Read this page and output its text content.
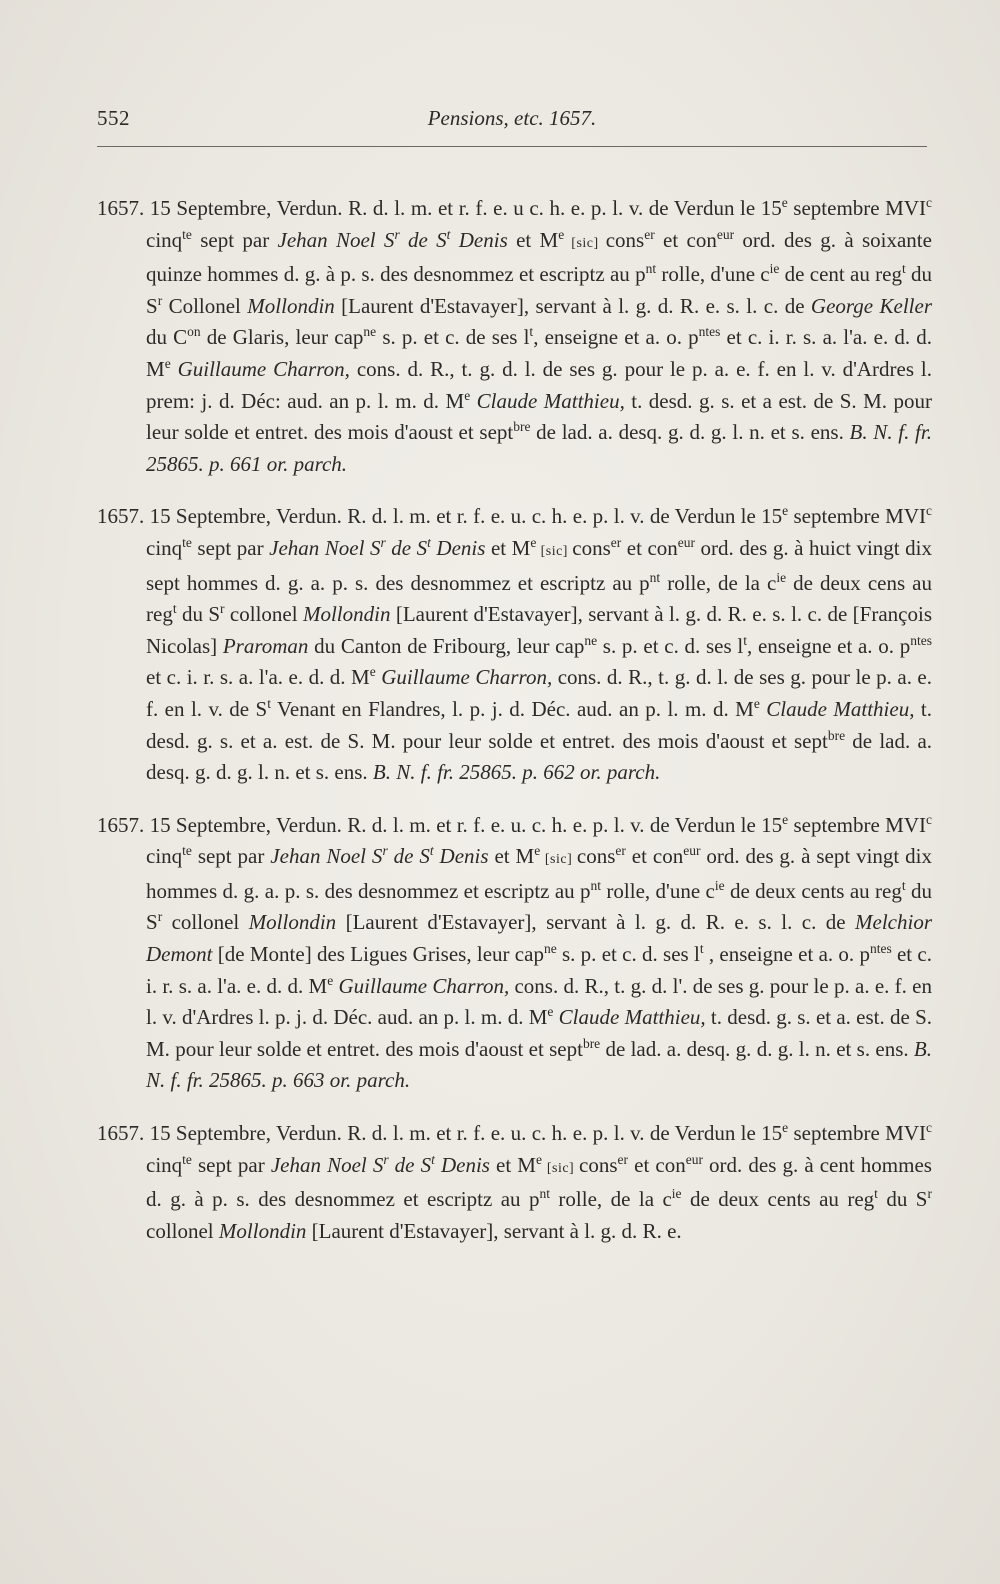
552	Pensions, etc. 1657.

1657. 15 Septembre, Verdun. R. d. l. m. et r. f. e. u c. h. e. p. l. v. de Verdun le 15e septembre MVI$^c$ cinq$^{te}$ sept par Jehan Noel $S^r$ de $S^t$ Denis et Me [sic] cons$^{er}$ et con$^{eur}$ ord. des g. à soixante quinze hommes d. g. à p. s. des desnommez et escriptz au $p^{nt}$ rolle, d'une $c^{ie}$ de cent au reg$^t$ du $S^r$ Collonel Mollondin [Laurent d'Estavayer], servant à l. g. d. R. e. s. l. c. de George Keller du $C^{on}$ de Glaris, leur cap$^{ne}$ s. p. et c. de ses $l^t$, enseigne et a. o. $p^{ntes}$ et c. i. r. s. a. l'a. e. d. d. Me Guillaume Charron, cons. d. R., t. g. d. l. de ses g. pour le p. a. e. f. en l. v. d'Ardres l. prem: j. d. Déc: aud. an p. l. m. d. Me Claude Matthieu, t. desd. g. s. et a est. de S. M. pour leur solde et entret. des mois d'aoust et sept$^{bre}$ de lad. a. desq. g. d. g. l. n. et s. ens. B. N. f. fr. 25865. p. 661 or. parch.

1657. 15 Septembre, Verdun. R. d. l. m. et r. f. e. u. c. h. e. p. l. v. de Verdun le 15e septembre MVI$^c$ cinq$^{te}$ sept par Jehan Noel $S^r$ de $S^t$ Denis et Me [sic] cons$^{er}$ et con$^{eur}$ ord. des g. à huict vingt dix sept hommes d. g. a. p. s. des desnommez et escriptz au $p^{nt}$ rolle, de la $c^{ie}$ de deux cens au reg$^t$ du $S^r$ collonel Mollondin [Laurent d'Estavayer], servant à l. g. d. R. e. s. l. c. de [François Nicolas] Praroman du Canton de Fribourg, leur cap$^{ne}$ s. p. et c. d. ses $l^t$, enseigne et a. o. $p^{ntes}$ et c. i. r. s. a. l'a. e. d. d. Me Guillaume Charron, cons. d. R., t. g. d. l. de ses g. pour le p. a. e. f. en l. v. de $S^t$ Venant en Flandres, l. p. j. d. Déc. aud. an p. l. m. d. Me Claude Matthieu, t. desd. g. s. et a. est. de S. M. pour leur solde et entret. des mois d'aoust et sept$^{bre}$ de lad. a. desq. g. d. g. l. n. et s. ens. B. N. f. fr. 25865. p. 662 or. parch.

1657. 15 Septembre, Verdun. R. d. l. m. et r. f. e. u. c. h. e. p. l. v. de Verdun le 15e septembre MVI$^c$ cinq$^{te}$ sept par Jehan Noel $S^r$ de $S^t$ Denis et Me [sic] cons$^{er}$ et con$^{eur}$ ord. des g. à sept vingt dix hommes d. g. a. p. s. des desnommez et escriptz au $p^{nt}$ rolle, d'une $c^{ie}$ de deux cents au reg$^t$ du $S^r$ collonel Mollondin [Laurent d'Estavayer], servant à l. g. d. R. e. s. l. c. de Melchior Demont [de Monte] des Ligues Grises, leur cap$^{ne}$ s. p. et c. d. ses $l^t$ , enseigne et a. o. $p^{ntes}$ et c. i. r. s. a. l'a. e. d. d. Me Guillaume Charron, cons. d. R., t. g. d. l'. de ses g. pour le p. a. e. f. en l. v. d'Ardres l. p. j. d. Déc. aud. an p. l. m. d. Me Claude Matthieu, t. desd. g. s. et a. est. de S. M. pour leur solde et entret. des mois d'aoust et sept$^{bre}$ de lad. a. desq. g. d. g. l. n. et s. ens. B. N. f. fr. 25865. p. 663 or. parch.

1657. 15 Septembre, Verdun. R. d. l. m. et r. f. e. u. c. h. e. p. l. v. de Verdun le 15e septembre MVI$^c$ cinq$^{te}$ sept par Jehan Noel $S^r$ de $S^t$ Denis et Me [sic] cons$^{er}$ et con$^{eur}$ ord. des g. à cent hommes d. g. à p. s. des desnommez et escriptz au $p^{nt}$ rolle, de la $c^{ie}$ de deux cents au reg$^t$ du $S^r$ collonel Mollondin [Laurent d'Estavayer], servant à l. g. d. R. e.
